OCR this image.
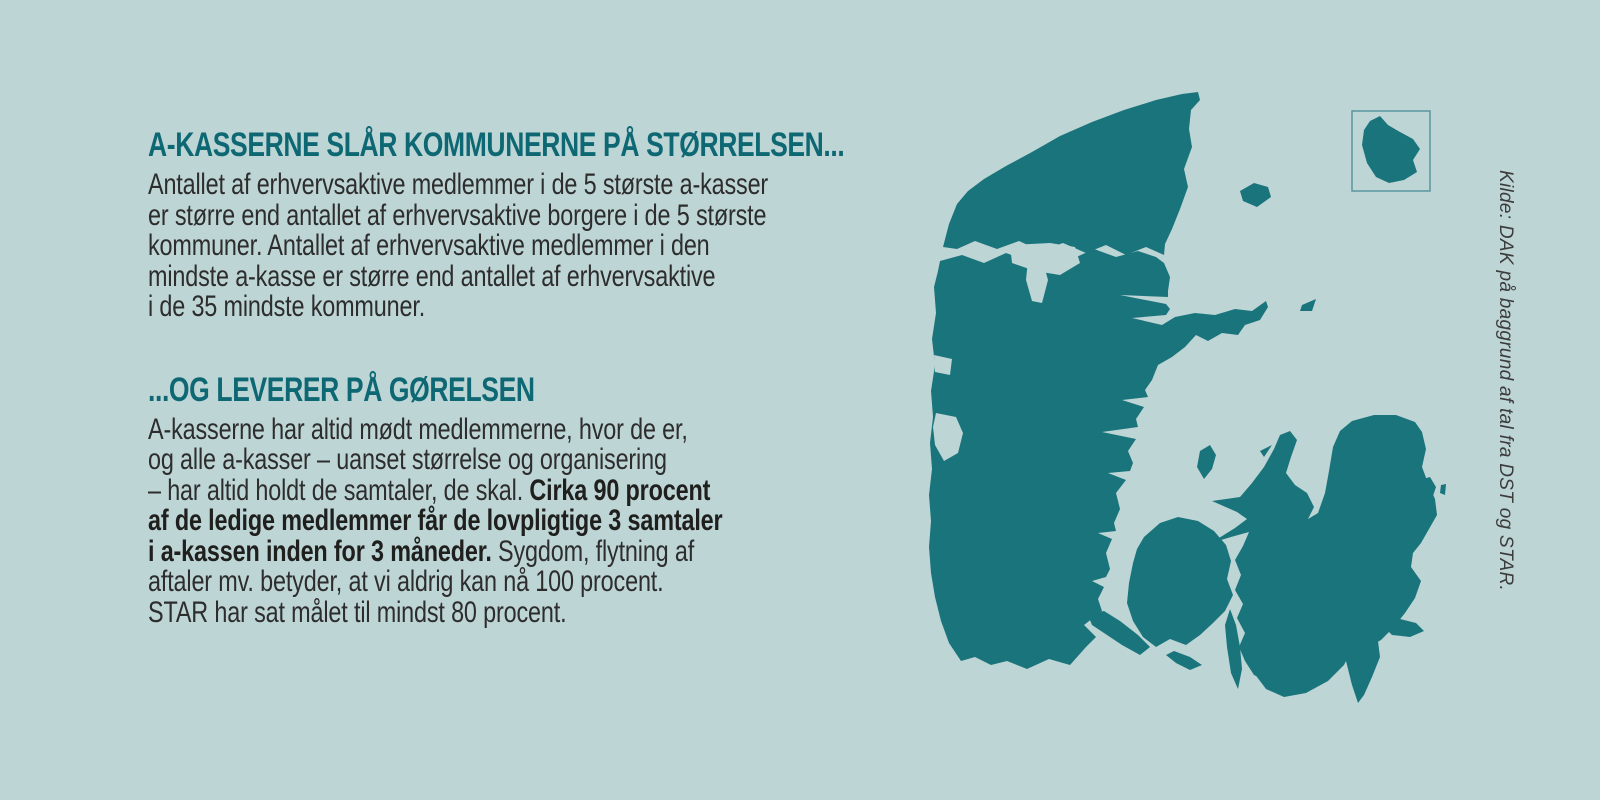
A-KASSERNE SLÅR KOMMUNERNE PÅ STØRRELSEN...

Antallet af erhvervsaktive medlemmer i de 5 største a-kasser
er større end antallet af erhvervsaktive borgere i de 5 største
kommuner. Antallet af erhvervsaktive medlemmer i den
mindste a-kasse er større end antallet af erhvervsaktive
i de 35 mindste kommuner.

...OG LEVERER PÅ GØRELSEN

A-kasserne har altid mødt medlemmerne, hvor de er,
og alle a-kasser – uanset størrelse og organisering
– har altid holdt de samtaler, de skal. Cirka 90 procent
af de ledige medlemmer får de lovpligtige 3 samtaler
i a-kassen inden for 3 måneder. Sygdom, flytning af
aftaler mv. betyder, at vi aldrig kan nå 100 procent.
STAR har sat målet til mindst 80 procent.

Kilde: DAK på baggrund af tal fra DST og STAR.
